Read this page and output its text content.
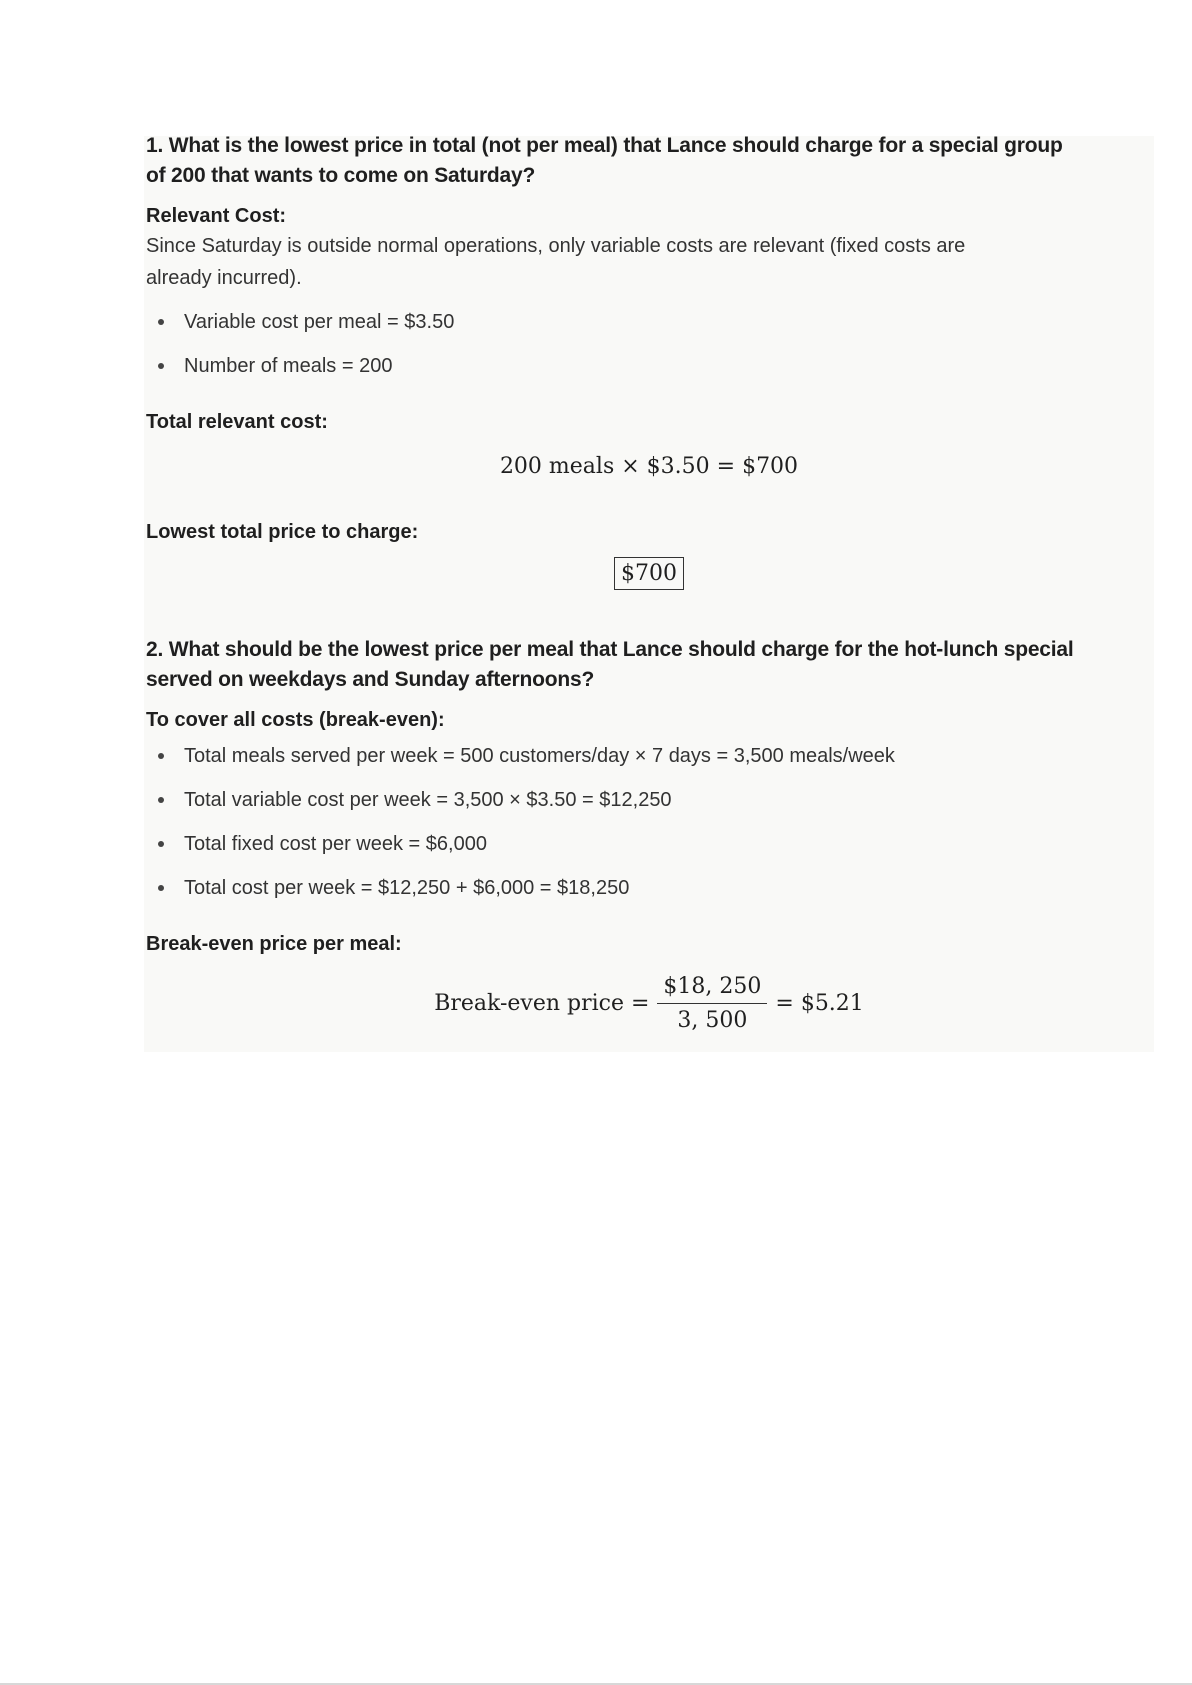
1. What is the lowest price in total (not per meal) that Lance should charge for a special group

of 200 that wants to come on Saturday?

Relevant Cost:

Since Saturday is outside normal operations, only variable costs are relevant (fixed costs are

already incurred).

Variable cost per meal = $3.50
Number of meals = 200

Total relevant cost:

200 meals × $3.50 = $700

Lowest total price to charge:

$700

2. What should be the lowest price per meal that Lance should charge for the hot-lunch special

served on weekdays and Sunday afternoons?

To cover all costs (break-even):

Total meals served per week = 500 customers/day × 7 days = 3,500 meals/week
Total variable cost per week = 3,500 × $3.50 = $12,250
Total fixed cost per week = $6,000
Total cost per week = $12,250 + $6,000 = $18,250

Break-even price per meal:

Break-even price = $\frac{\$18, 250}{3, 500}$ = $5.21
